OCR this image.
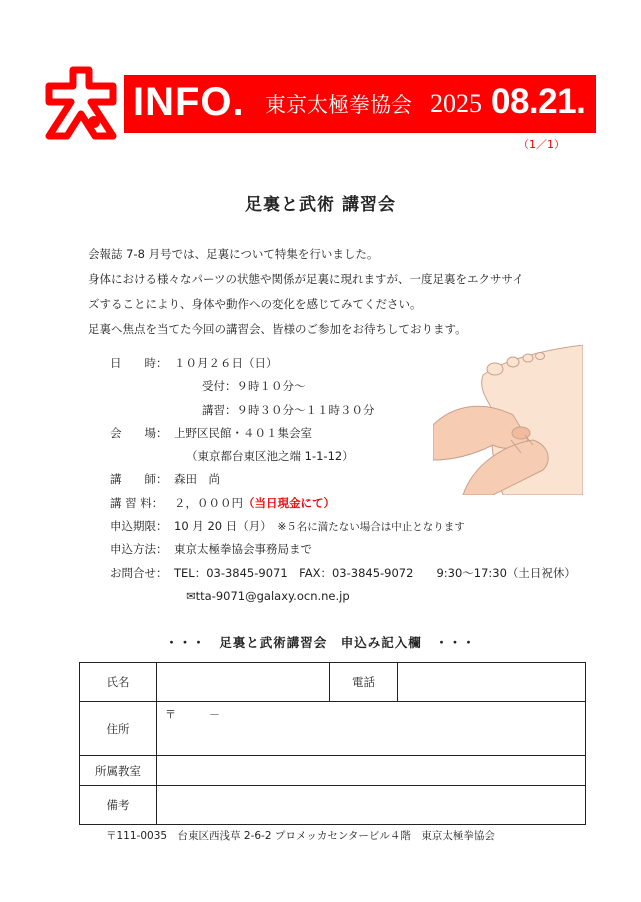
INFO. 東京太極拳協会 2025 08.21.
（1／1）
足裏と武術 講習会

会報誌 7-8 月号では、足裏について特集を行いました。

身体における様々なパーツの状態や関係が足裏に現れますが、一度足裏をエクササイ

ズすることにより、身体や動作への変化を感じてみてください。

足裏へ焦点を当てた今回の講習会、皆様のご参加をお待ちしております。

日　　時： １０月２６日（日）
受付：９時１０分～
講習：９時３０分～１１時３０分
会　　場： 上野区民館・４０１集会室
（東京都台東区池之端 1-1-12）
講　　師： 森田　尚
講 習 料： ２，０００円（当日現金にて）
申込期限： 10 月 20 日（月）　 ※５名に満たない場合は中止となります
申込方法： 東京太極拳協会事務局まで
お問合せ： TEL：03-3845-9071　 FAX：03-3845-9072　　 9:30～17:30（土日祝休）
✉tta-9071@galaxy.ocn.ne.jp
・・・　足裏と武術講習会　申込み記入欄　・・・
氏名		電話	
住所	〒　　　－		

所属教室			
備考			
〒111-0035　台東区西浅草 2-6-2 プロメッカセンタービル４階　東京太極拳協会
